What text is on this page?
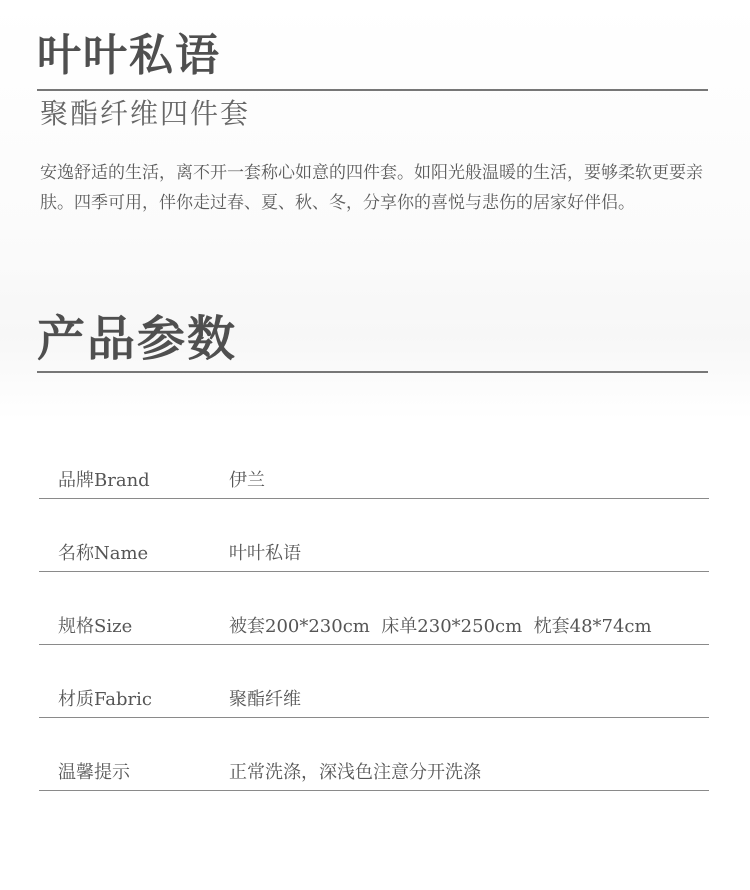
叶叶私语
聚酯纤维四件套

安逸舒适的生活，离不开一套称心如意的四件套。如阳光般温暖的生活，要够柔软更要亲肤。四季可用，伴你走过春、夏、秋、冬，分享你的喜悦与悲伤的居家好伴侣。

产品参数
品牌Brand	伊兰
名称Name	叶叶私语
规格Size	被套200*230cm  床单230*250cm  枕套48*74cm
材质Fabric	聚酯纤维
温馨提示	正常洗涤，深浅色注意分开洗涤
